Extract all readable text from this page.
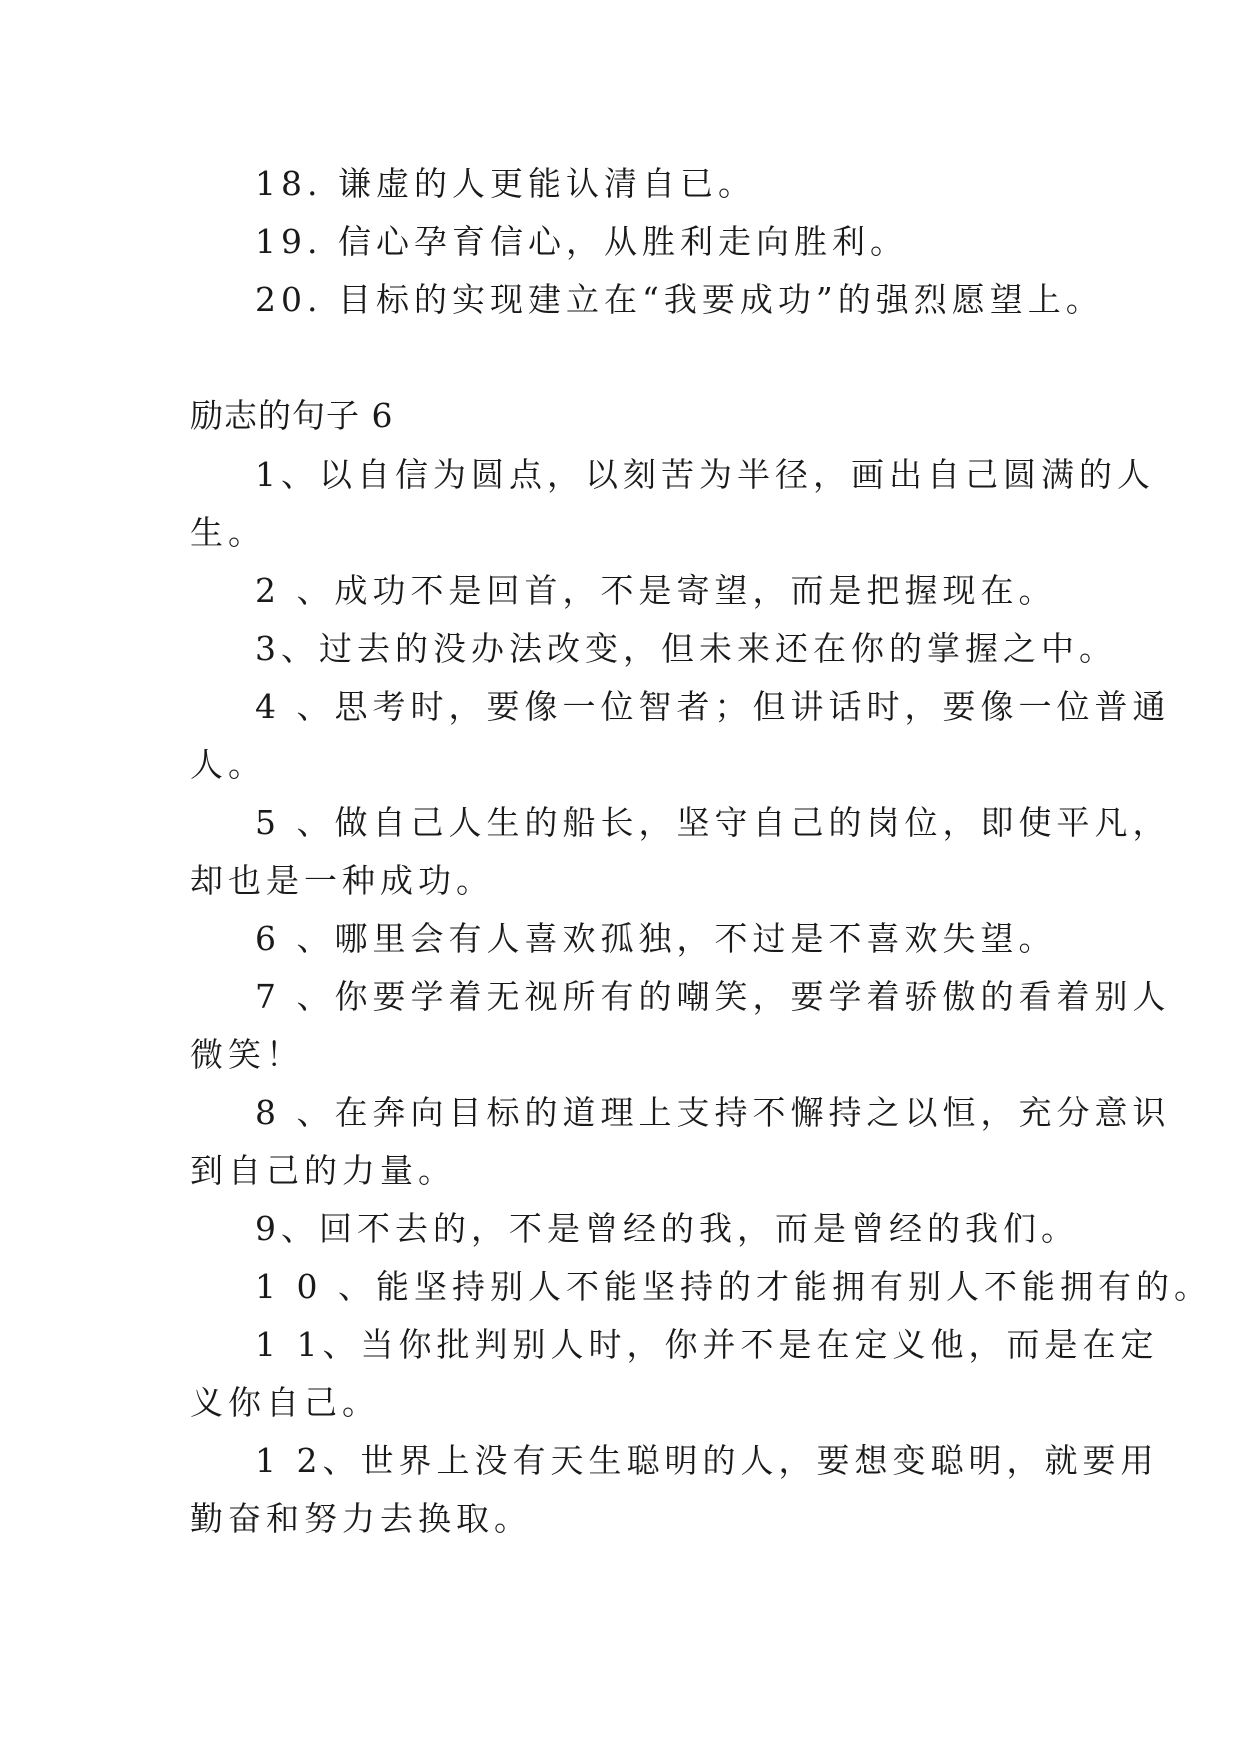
18. 谦虚的人更能认清自已。
19. 信心孕育信心，从胜利走向胜利。
20. 目标的实现建立在“我要成功”的强烈愿望上。
励志的句子 6
1、以自信为圆点，以刻苦为半径，画出自己圆满的人
生。
2 、成功不是回首，不是寄望，而是把握现在。
3、过去的没办法改变，但未来还在你的掌握之中。
4 、思考时，要像一位智者；但讲话时，要像一位普通
人。
5 、做自己人生的船长，坚守自己的岗位，即使平凡，
却也是一种成功。
6 、哪里会有人喜欢孤独，不过是不喜欢失望。
7 、你要学着无视所有的嘲笑，要学着骄傲的看着别人
微笑！
8 、在奔向目标的道理上支持不懈持之以恒，充分意识
到自己的力量。
9、回不去的，不是曾经的我，而是曾经的我们。
1 0 、能坚持别人不能坚持的才能拥有别人不能拥有的。
1 1、当你批判别人时，你并不是在定义他，而是在定
义你自己。
1 2、世界上没有天生聪明的人，要想变聪明，就要用
勤奋和努力去换取。
